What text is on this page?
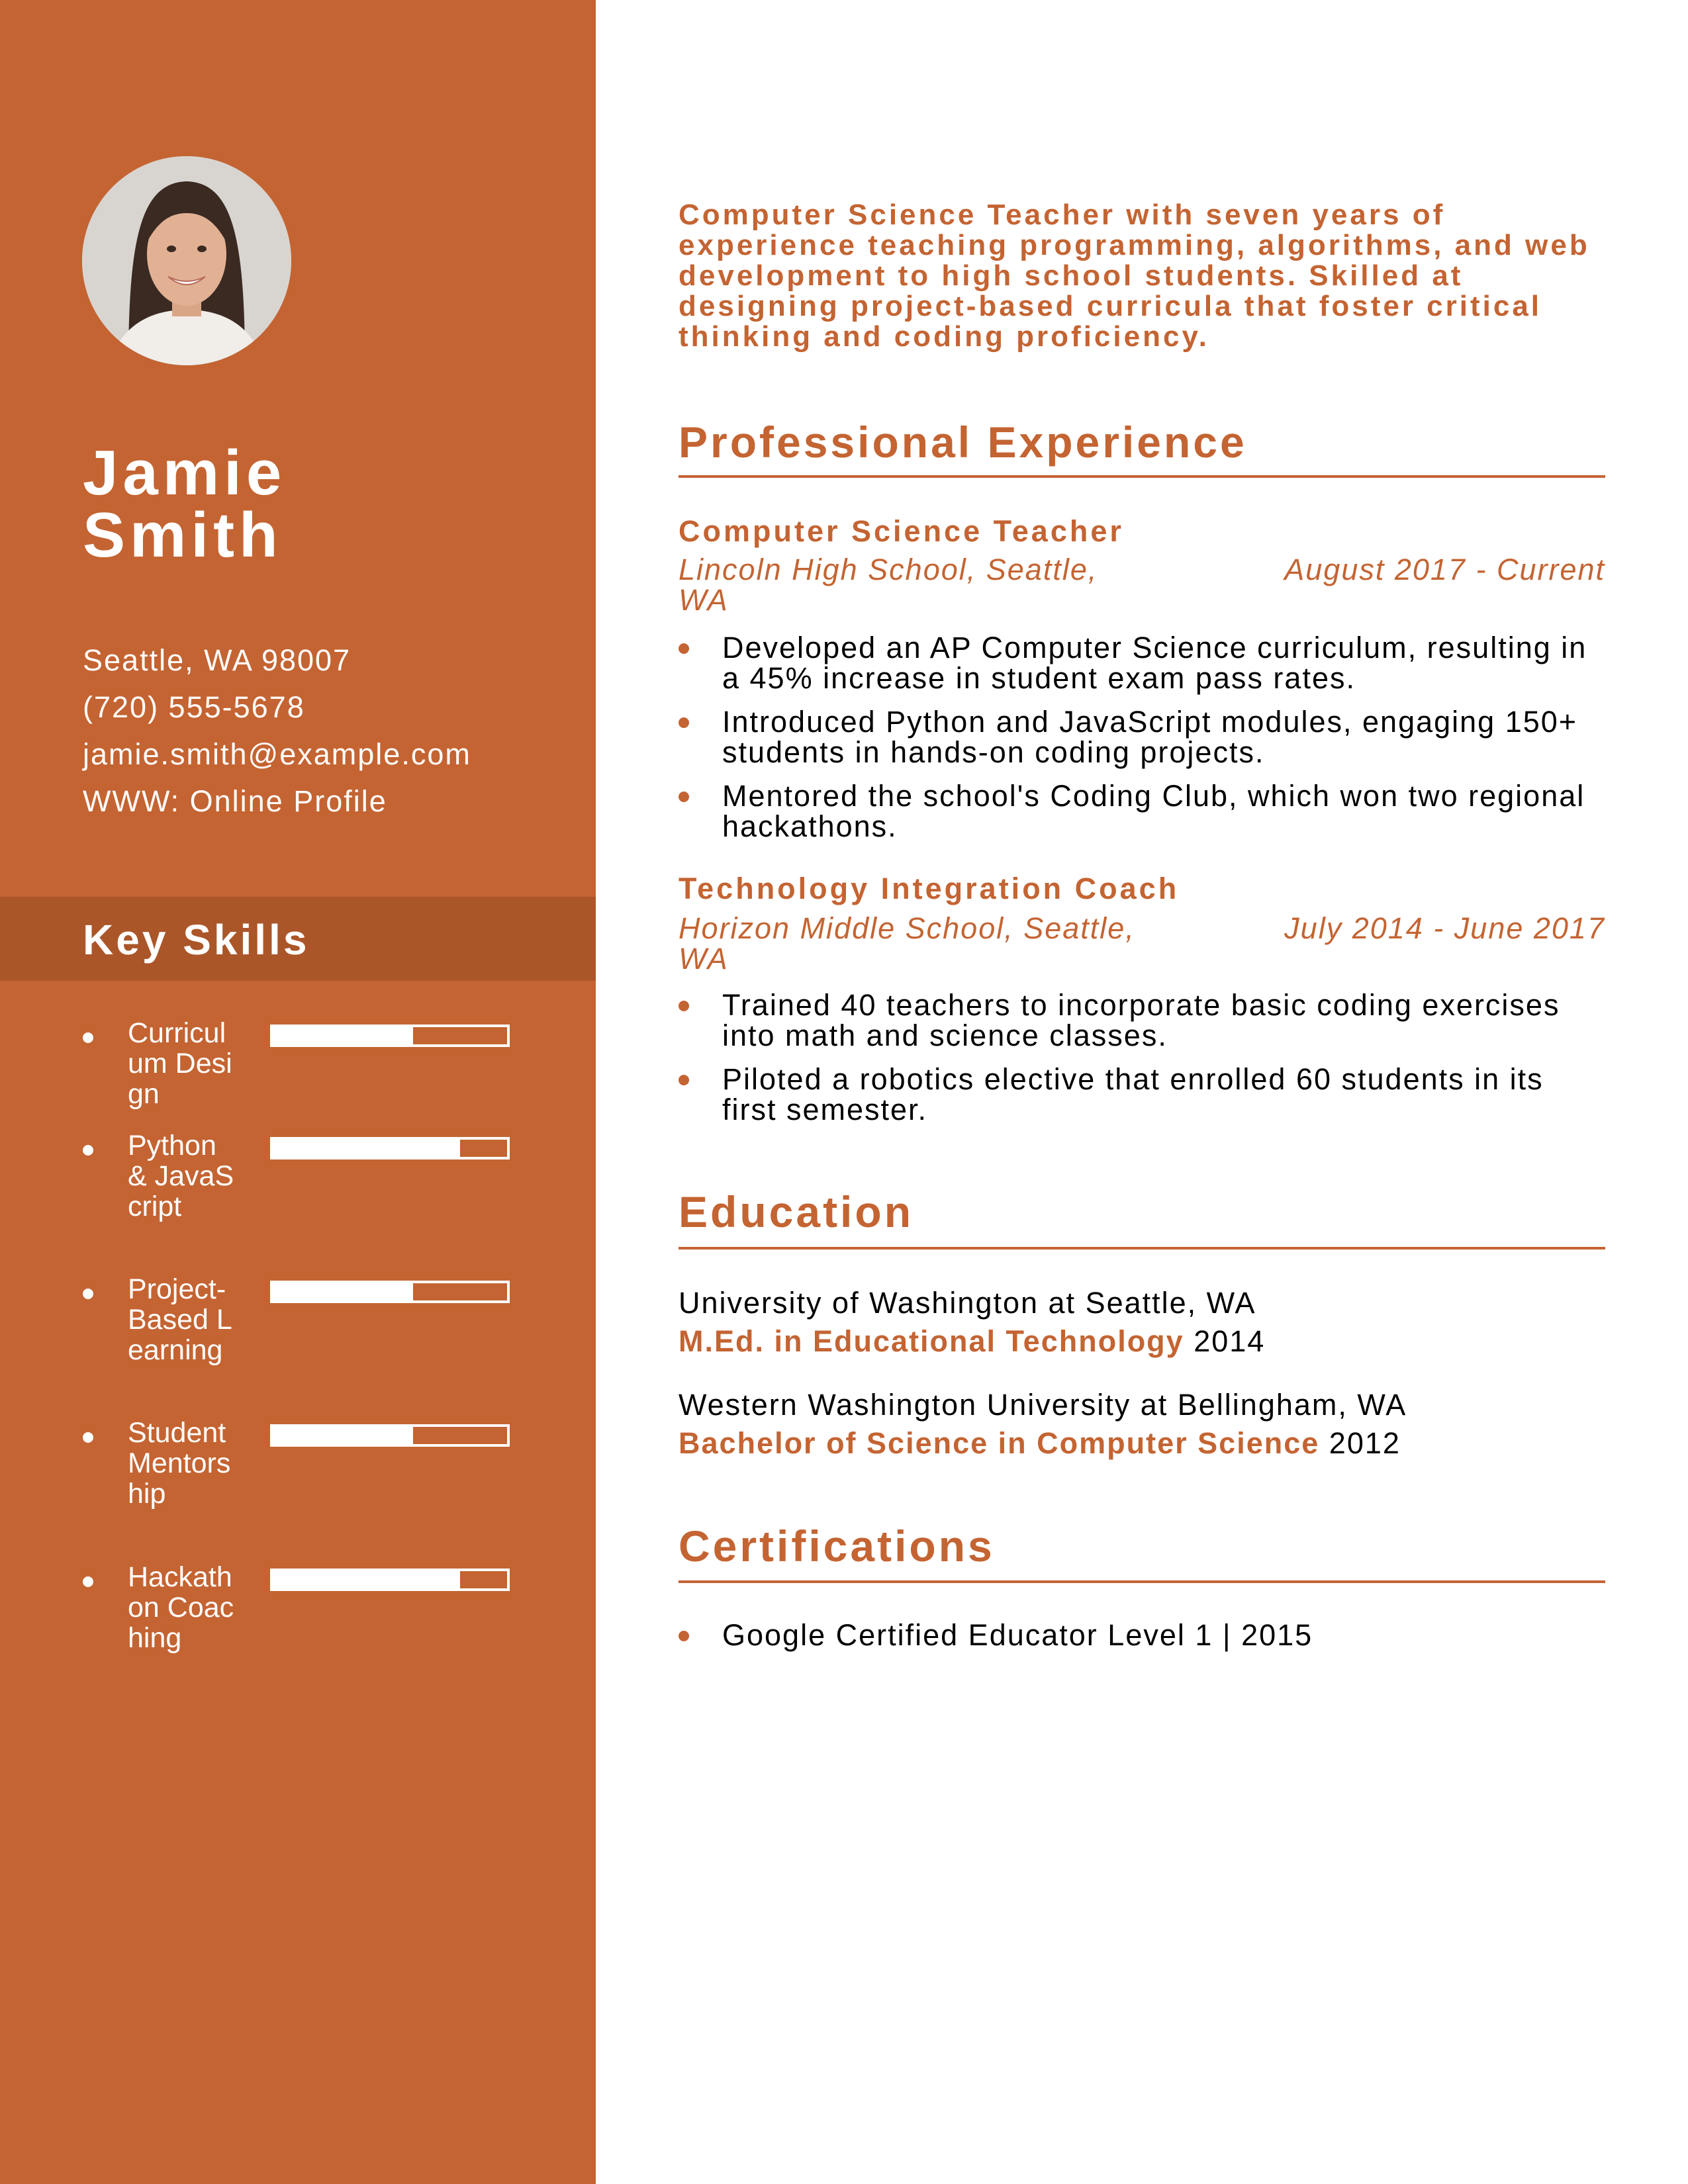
Jamie
Smith
Seattle, WA 98007
(720) 555-5678
jamie.smith@example.com
WWW: Online Profile
Key Skills
Curriculum Design
Python & JavaScript
Project-Based Learning
Student Mentorship
Hackathon Coaching
Computer Science Teacher with seven years of experience teaching programming, algorithms, and web development to high school students. Skilled at designing project-based curricula that foster critical thinking and coding proficiency.
Professional Experience
Computer Science Teacher
Lincoln High School, Seattle, WA
August 2017 - Current
Developed an AP Computer Science curriculum, resulting in a 45% increase in student exam pass rates.
Introduced Python and JavaScript modules, engaging 150+ students in hands-on coding projects.
Mentored the school's Coding Club, which won two regional hackathons.
Technology Integration Coach
Horizon Middle School, Seattle, WA
July 2014 - June 2017
Trained 40 teachers to incorporate basic coding exercises into math and science classes.
Piloted a robotics elective that enrolled 60 students in its first semester.
Education
University of Washington at Seattle, WA
M.Ed. in Educational Technology 2014
Western Washington University at Bellingham, WA
Bachelor of Science in Computer Science 2012
Certifications
Google Certified Educator Level 1 | 2015
